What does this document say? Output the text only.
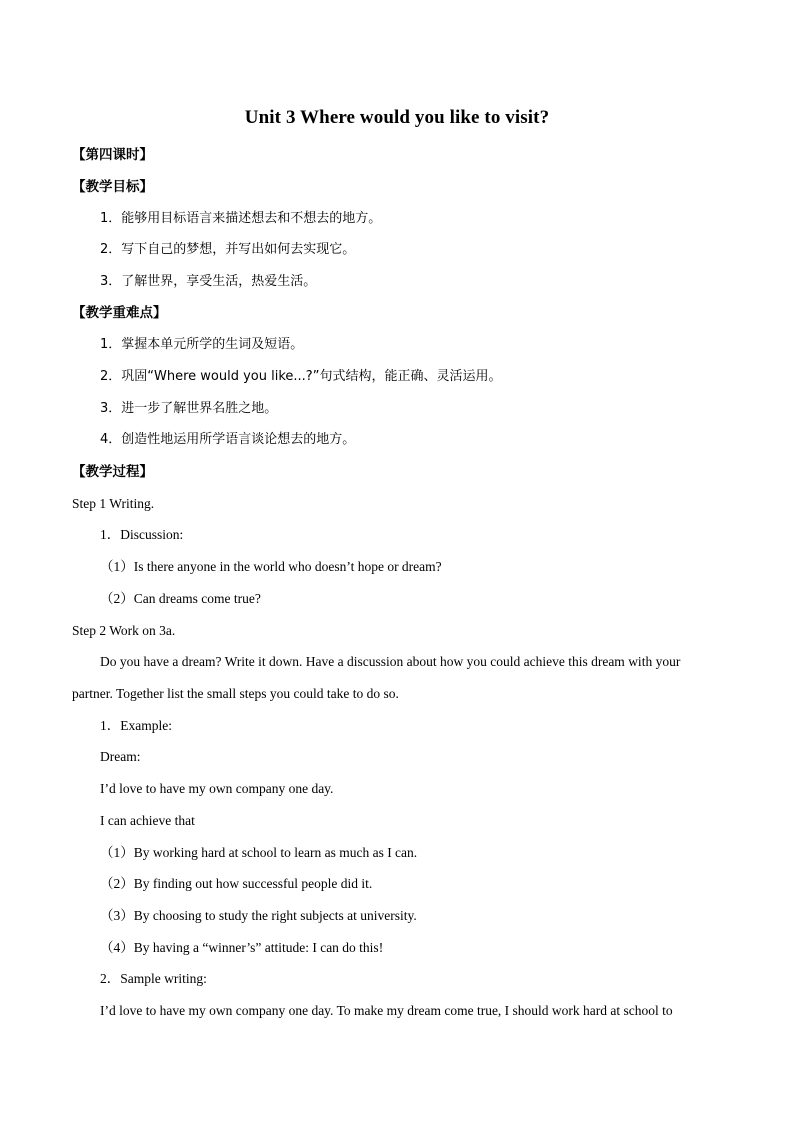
Unit 3 Where would you like to visit?
【第四课时】
【教学目标】
1．能够用目标语言来描述想去和不想去的地方。
2．写下自己的梦想，并写出如何去实现它。
3．了解世界，享受生活，热爱生活。
【教学重难点】
1．掌握本单元所学的生词及短语。
2．巩固“Where would you like...?”句式结构，能正确、灵活运用。
3．进一步了解世界名胜之地。
4．创造性地运用所学语言谈论想去的地方。
【教学过程】
Step 1 Writing.
1．Discussion:
（1）Is there anyone in the world who doesn’t hope or dream?
（2）Can dreams come true?
Step 2 Work on 3a.
Do you have a dream? Write it down. Have a discussion about how you could achieve this dream with your
partner. Together list the small steps you could take to do so.
1．Example:
Dream:
I’d love to have my own company one day.
I can achieve that
（1）By working hard at school to learn as much as I can.
（2）By finding out how successful people did it.
（3）By choosing to study the right subjects at university.
（4）By having a “winner’s” attitude: I can do this!
2．Sample writing:
I’d love to have my own company one day. To make my dream come true, I should work hard at school to
